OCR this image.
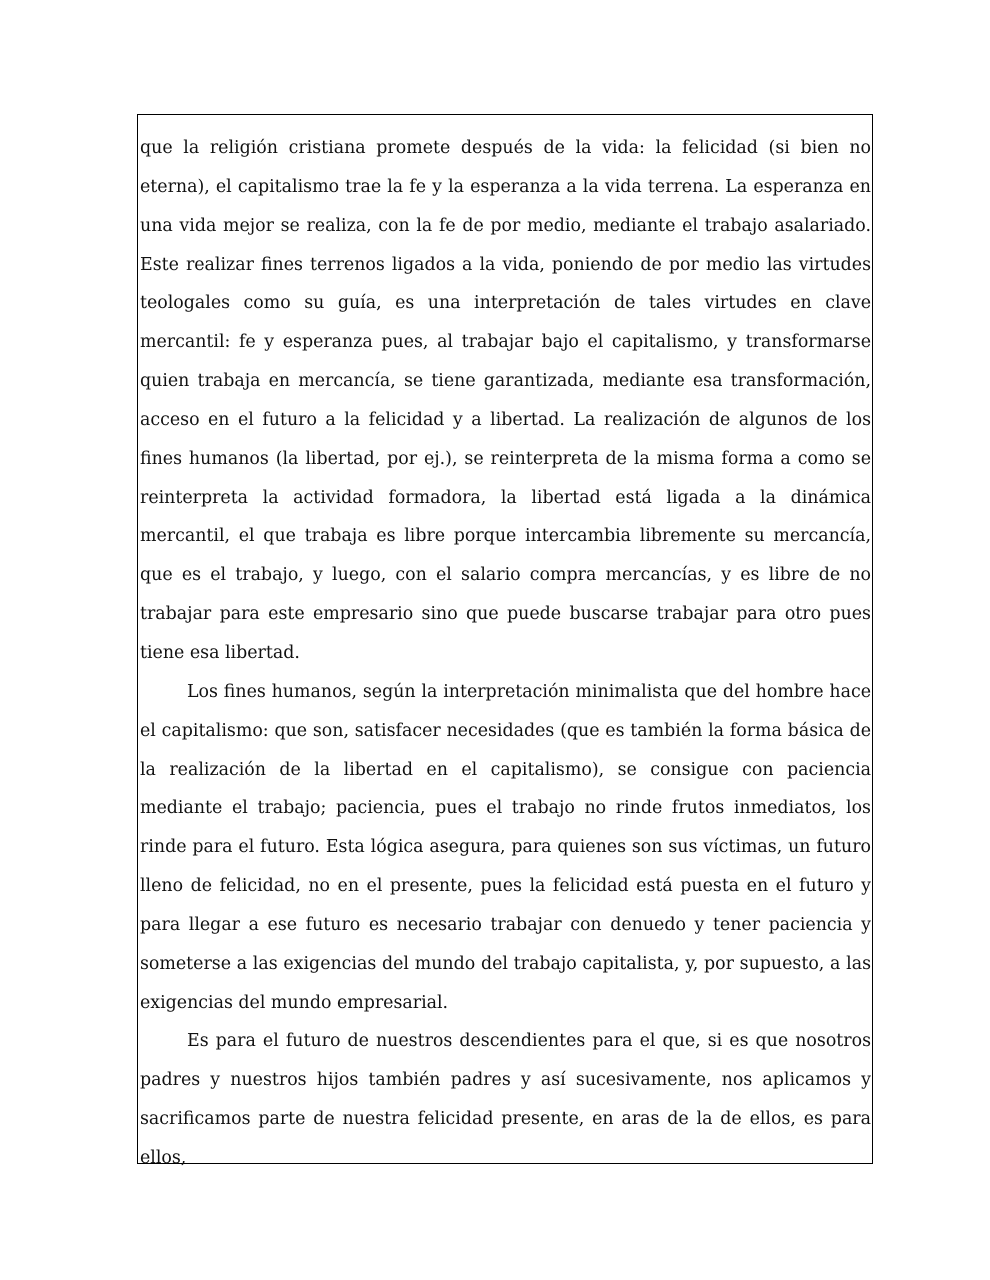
que la religión cristiana promete después de la vida: la felicidad (si bien no eterna), el capitalismo trae la fe y la esperanza a la vida terrena. La esperanza en una vida mejor se realiza, con la fe de por medio, mediante el trabajo asalariado. Este realizar fines terrenos ligados a la vida, poniendo de por medio las virtudes teologales como su guía, es una interpretación de tales virtudes en clave mercantil: fe y esperanza pues, al trabajar bajo el capitalismo, y transformarse quien trabaja en mercancía, se tiene garantizada, mediante esa transformación, acceso en el futuro a la felicidad y a libertad. La realización de algunos de los fines humanos (la libertad, por ej.), se reinterpreta de la misma forma a como se reinterpreta la actividad formadora, la libertad está ligada a la dinámica mercantil, el que trabaja es libre porque intercambia libremente su mercancía, que es el trabajo, y luego, con el salario compra mercancías, y es libre de no trabajar para este empresario sino que puede buscarse trabajar para otro pues tiene esa libertad.

Los fines humanos, según la interpretación minimalista que del hombre hace el capitalismo: que son, satisfacer necesidades (que es también la forma básica de la realización de la libertad en el capitalismo), se consigue con paciencia mediante el trabajo; paciencia, pues el trabajo no rinde frutos inmediatos, los rinde para el futuro. Esta lógica asegura, para quienes son sus víctimas, un futuro lleno de felicidad, no en el presente, pues la felicidad está puesta en el futuro y para llegar a ese futuro es necesario trabajar con denuedo y tener paciencia y someterse a las exigencias del mundo del trabajo capitalista, y, por supuesto, a las exigencias del mundo empresarial.

Es para el futuro de nuestros descendientes para el que, si es que nosotros padres y nuestros hijos también padres y así sucesivamente, nos aplicamos y sacrificamos parte de nuestra felicidad presente, en aras de la de ellos, es para ellos,
